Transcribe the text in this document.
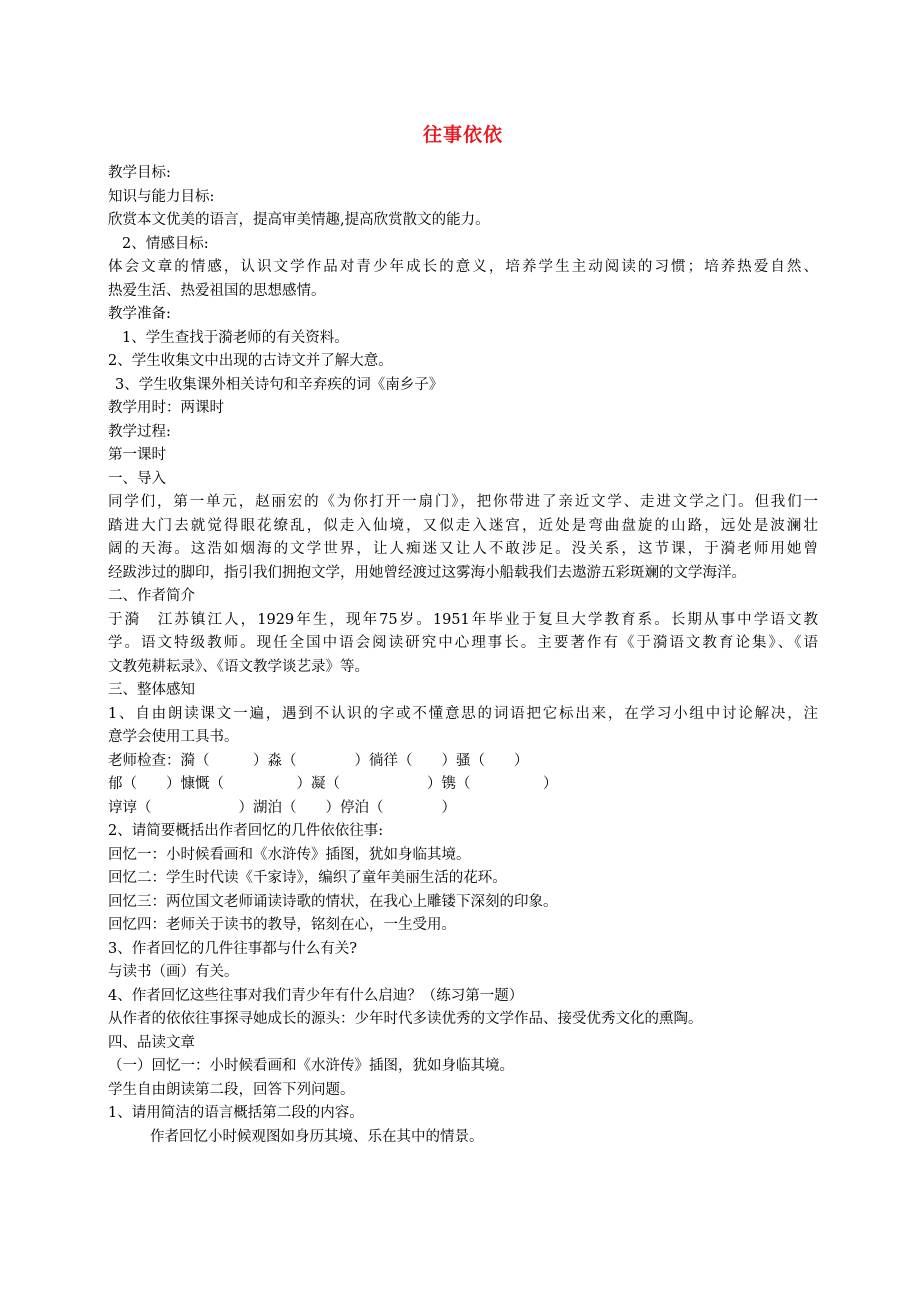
往事依依

教学目标:

知识与能力目标:

欣赏本文优美的语言，提高审美情趣,提高欣赏散文的能力。

2、情感目标:

体会文章的情感，认识文学作品对青少年成长的意义，培养学生主动阅读的习惯；培养热爱自然、
热爱生活、热爱祖国的思想感情。

教学准备:

1、学生查找于漪老师的有关资料。

2、学生收集文中出现的古诗文并了解大意。

3、学生收集课外相关诗句和辛弃疾的词《南乡子》

教学用时：两课时

教学过程:

第一课时

一、导入

同学们，第一单元，赵丽宏的《为你打开一扇门》，把你带进了亲近文学、走进文学之门。但我们一
踏进大门去就觉得眼花缭乱，似走入仙境，又似走入迷宫，近处是弯曲盘旋的山路，远处是波澜壮
阔的天海。这浩如烟海的文学世界，让人痴迷又让人不敢涉足。没关系，这节课，于漪老师用她曾
经跋涉过的脚印，指引我们拥抱文学，用她曾经渡过这雾海小船载我们去遨游五彩斑斓的文学海洋。

二、作者简介

于漪　江苏镇江人，1929年生，现年75岁。1951年毕业于复旦大学教育系。长期从事中学语文教
学。语文特级教师。现任全国中语会阅读研究中心理事长。主要著作有《于漪语文教育论集》、《语
文教苑耕耘录》、《语文教学谈艺录》等。

三、整体感知

1、自由朗读课文一遍，遇到不认识的字或不懂意思的词语把它标出来，在学习小组中讨论解决，注
意学会使用工具书。

老师检查：漪（　　　）淼（　　　　）徜徉（　　）骚（　　）

郁（　　）慷慨（　　　　　）凝（　　　　　　）镌（　　　　　）

谆谆（　　　　　　）湖泊（　　）停泊（　　　　）

2、请简要概括出作者回忆的几件依依往事:

回忆一：小时候看画和《水浒传》插图，犹如身临其境。

回忆二：学生时代读《千家诗》，编织了童年美丽生活的花环。

回忆三：两位国文老师诵读诗歌的情状，在我心上雕镂下深刻的印象。

回忆四：老师关于读书的教导，铭刻在心，一生受用。

3、作者回忆的几件往事都与什么有关?

与读书（画）有关。

4、作者回忆这些往事对我们青少年有什么启迪？（练习第一题）

从作者的依依往事探寻她成长的源头：少年时代多读优秀的文学作品、接受优秀文化的熏陶。

四、品读文章

（一）回忆一：小时候看画和《水浒传》插图，犹如身临其境。

学生自由朗读第二段，回答下列问题。

1、请用简洁的语言概括第二段的内容。

作者回忆小时候观图如身历其境、乐在其中的情景。
